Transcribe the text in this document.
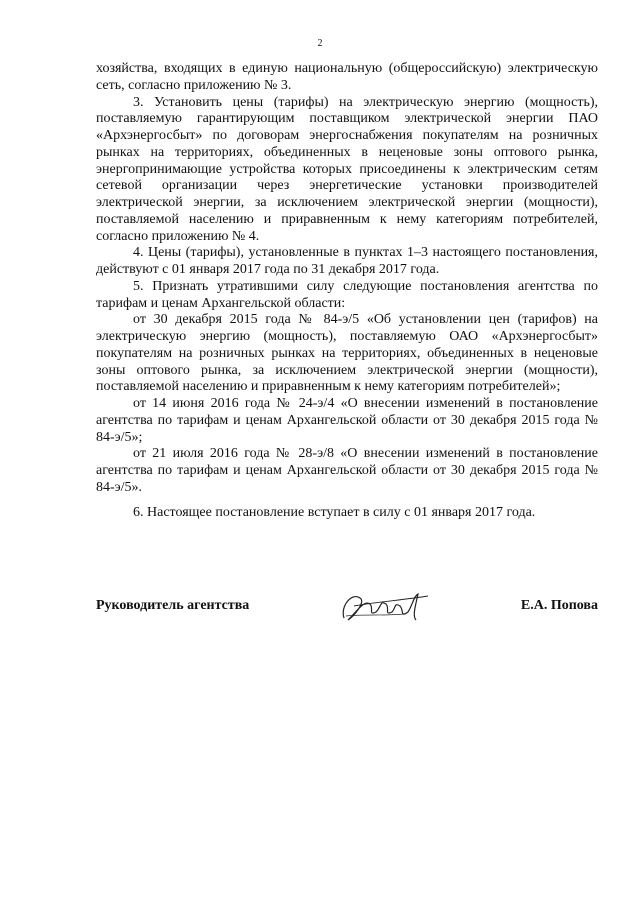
2

хозяйства, входящих в единую национальную (общероссийскую) электрическую сеть, согласно приложению № 3.

3. Установить цены (тарифы) на электрическую энергию (мощность), поставляемую гарантирующим поставщиком электрической энергии ПАО «Архэнергосбыт» по договорам энергоснабжения покупателям на розничных рынках на территориях, объединенных в неценовые зоны оптового рынка, энергопринимающие устройства которых присоединены к электрическим сетям сетевой организации через энергетические установки производителей электрической энергии, за исключением электрической энергии (мощности), поставляемой населению и приравненным к нему категориям потребителей, согласно приложению № 4.

4. Цены (тарифы), установленные в пунктах 1–3 настоящего постановления, действуют с 01 января 2017 года по 31 декабря 2017 года.

5. Признать утратившими силу следующие постановления агентства по тарифам и ценам Архангельской области:

от 30 декабря 2015 года № 84-э/5 «Об установлении цен (тарифов) на электрическую энергию (мощность), поставляемую ОАО «Архэнергосбыт» покупателям на розничных рынках на территориях, объединенных в неценовые зоны оптового рынка, за исключением электрической энергии (мощности), поставляемой населению и приравненным к нему категориям потребителей»;

от 14 июня 2016 года № 24-э/4 «О внесении изменений в постановление агентства по тарифам и ценам Архангельской области от 30 декабря 2015 года № 84-э/5»;

от 21 июля 2016 года № 28-э/8 «О внесении изменений в постановление агентства по тарифам и ценам Архангельской области от 30 декабря 2015 года № 84-э/5».

6. Настоящее постановление вступает в силу с 01 января 2017 года.

Руководитель агентства	Е.А. Попова
